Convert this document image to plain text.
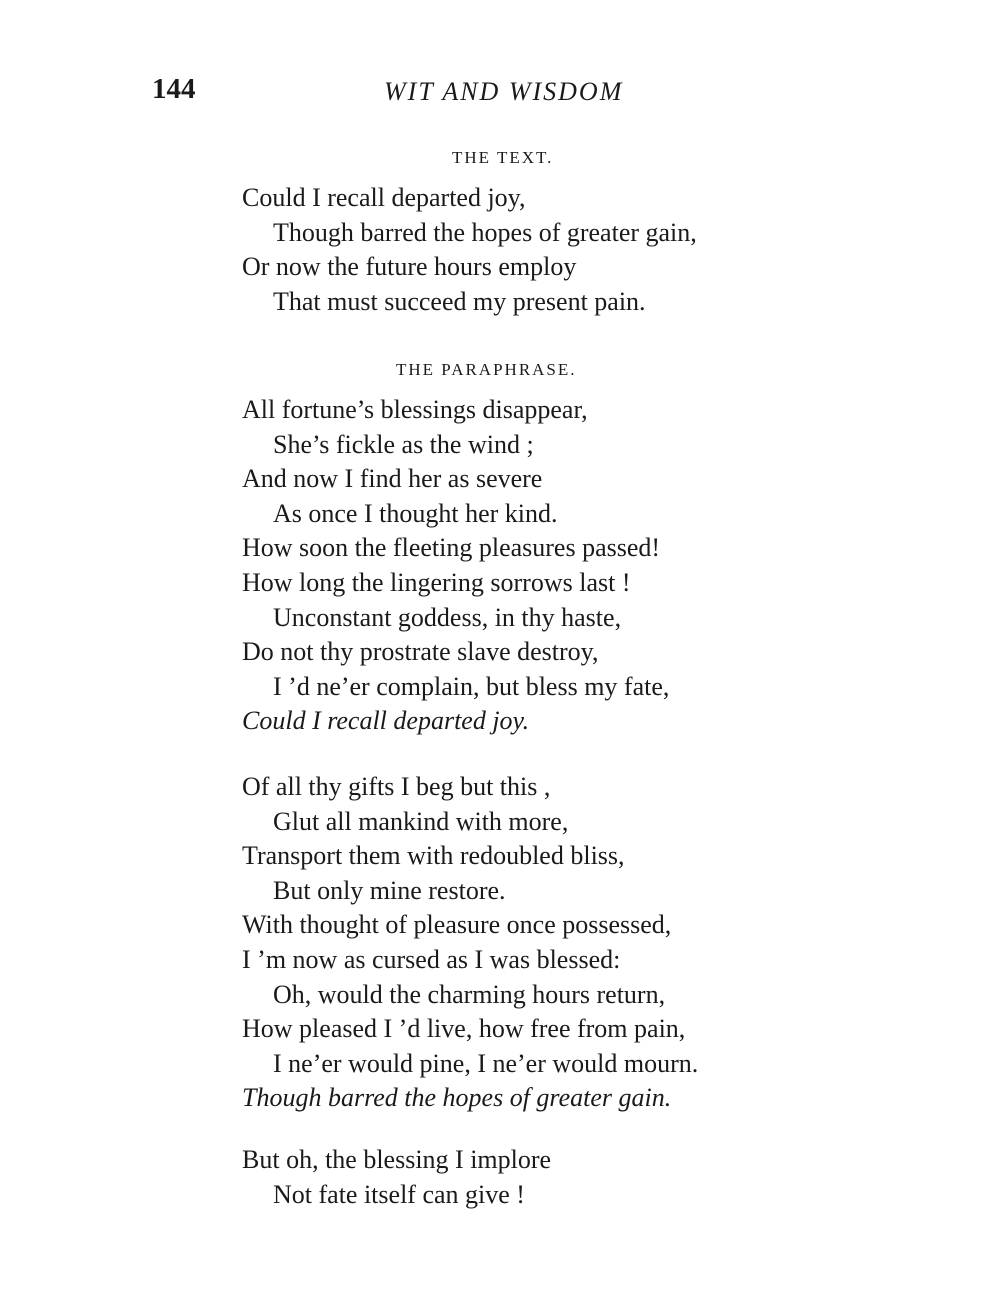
144	WIT AND WISDOM
THE TEXT.
Could I recall departed joy,
Though barred the hopes of greater gain,
Or now the future hours employ
That must succeed my present pain.
THE PARAPHRASE.
All fortune’s blessings disappear,
She’s fickle as the wind ;
And now I find her as severe
As once I thought her kind.
How soon the fleeting pleasures passed!
How long the lingering sorrows last !
Unconstant goddess, in thy haste,
Do not thy prostrate slave destroy,
I ’d ne’er complain, but bless my fate,
Could I recall departed joy.
Of all thy gifts I beg but this ,
Glut all mankind with more,
Transport them with redoubled bliss,
But only mine restore.
With thought of pleasure once possessed,
I ’m now as cursed as I was blessed:
Oh, would the charming hours return,
How pleased I ’d live, how free from pain,
I ne’er would pine, I ne’er would mourn.
Though barred the hopes of greater gain.
But oh, the blessing I implore
Not fate itself can give !
